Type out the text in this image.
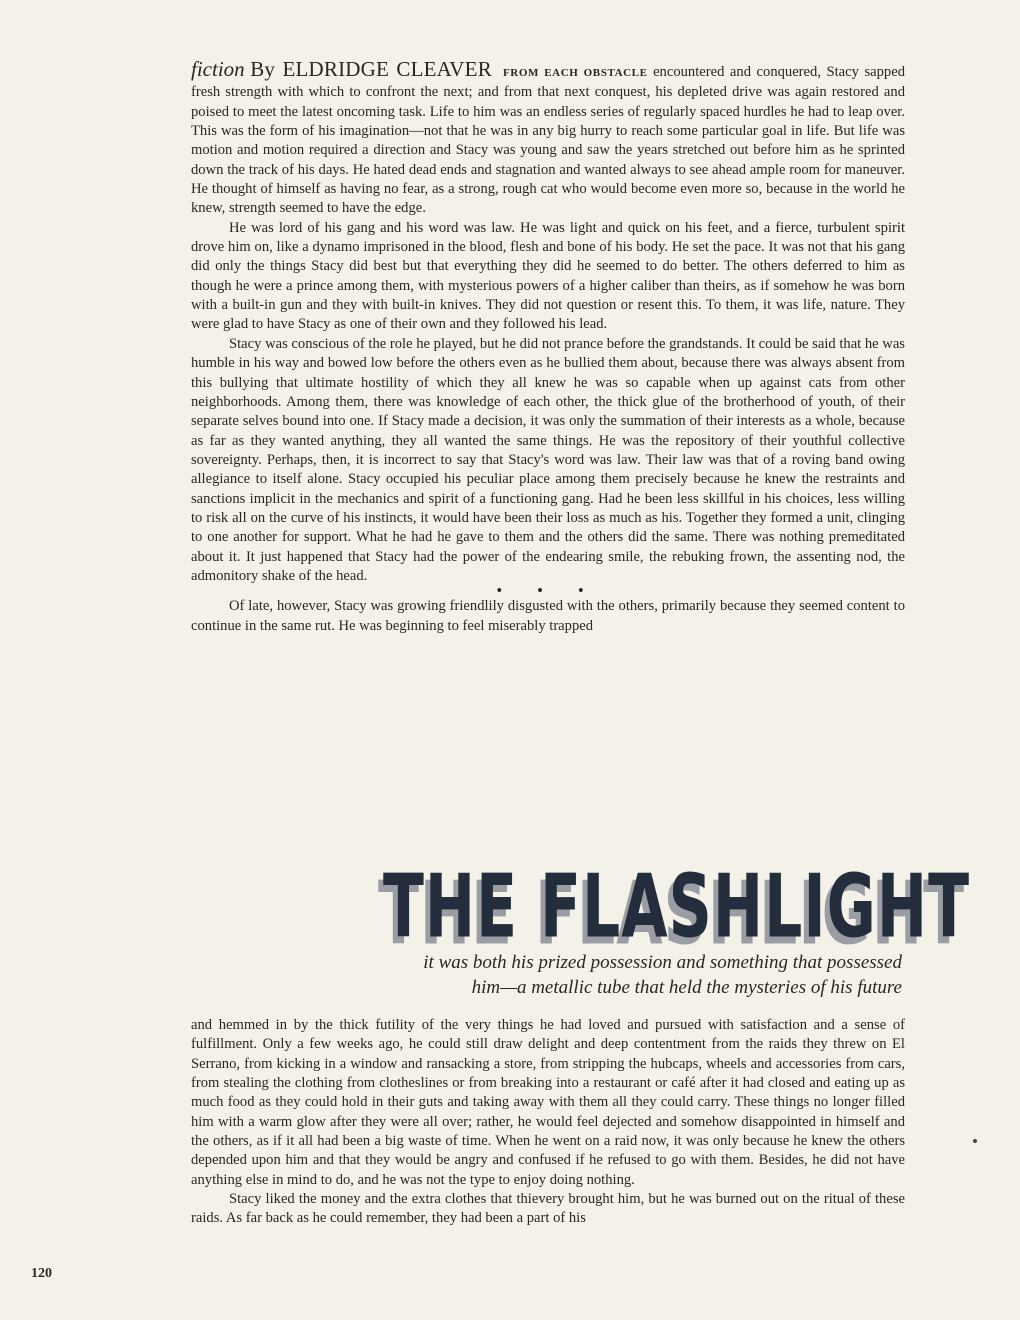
fiction By ELDRIDGE CLEAVER FROM EACH OBSTACLE encountered and conquered, Stacy sapped fresh strength with which to confront the next; and from that next conquest, his depleted drive was again restored and poised to meet the latest oncoming task. Life to him was an endless series of regularly spaced hurdles he had to leap over. This was the form of his imagination—not that he was in any big hurry to reach some particular goal in life. But life was motion and motion required a direction and Stacy was young and saw the years stretched out before him as he sprinted down the track of his days. He hated dead ends and stagnation and wanted always to see ahead ample room for maneuver. He thought of himself as having no fear, as a strong, rough cat who would become even more so, because in the world he knew, strength seemed to have the edge.

He was lord of his gang and his word was law. He was light and quick on his feet, and a fierce, turbulent spirit drove him on, like a dynamo imprisoned in the blood, flesh and bone of his body. He set the pace. It was not that his gang did only the things Stacy did best but that everything they did he seemed to do better. The others deferred to him as though he were a prince among them, with mysterious powers of a higher caliber than theirs, as if somehow he was born with a built-in gun and they with built-in knives. They did not question or resent this. To them, it was life, nature. They were glad to have Stacy as one of their own and they followed his lead.

Stacy was conscious of the role he played, but he did not prance before the grandstands. It could be said that he was humble in his way and bowed low before the others even as he bullied them about, because there was always absent from this bullying that ultimate hostility of which they all knew he was so capable when up against cats from other neighborhoods. Among them, there was knowledge of each other, the thick glue of the brotherhood of youth, of their separate selves bound into one. If Stacy made a decision, it was only the summation of their interests as a whole, because as far as they wanted anything, they all wanted the same things. He was the repository of their youthful collective sovereignty. Perhaps, then, it is incorrect to say that Stacy's word was law. Their law was that of a roving band owing allegiance to itself alone. Stacy occupied his peculiar place among them precisely because he knew the restraints and sanctions implicit in the mechanics and spirit of a functioning gang. Had he been less skillful in his choices, less willing to risk all on the curve of his instincts, it would have been their loss as much as his. Together they formed a unit, clinging to one another for support. What he had he gave to them and the others did the same. There was nothing premeditated about it. It just happened that Stacy had the power of the endearing smile, the rebuking frown, the assenting nod, the admonitory shake of the head.

• • •

Of late, however, Stacy was growing friendlily disgusted with the others, primarily because they seemed content to continue in the same rut. He was beginning to feel miserably trapped

THE FLASHLIGHT
it was both his prized possession and something that possessed
him—a metallic tube that held the mysteries of his future

and hemmed in by the thick futility of the very things he had loved and pursued with satisfaction and a sense of fulfillment. Only a few weeks ago, he could still draw delight and deep contentment from the raids they threw on El Serrano, from kicking in a window and ransacking a store, from stripping the hubcaps, wheels and accessories from cars, from stealing the clothing from clotheslines or from breaking into a restaurant or café after it had closed and eating up as much food as they could hold in their guts and taking away with them all they could carry. These things no longer filled him with a warm glow after they were all over; rather, he would feel dejected and somehow disappointed in himself and the others, as if it all had been a big waste of time. When he went on a raid now, it was only because he knew the others depended upon him and that they would be angry and confused if he refused to go with them. Besides, he did not have anything else in mind to do, and he was not the type to enjoy doing nothing.

Stacy liked the money and the extra clothes that thievery brought him, but he was burned out on the ritual of these raids. As far back as he could remember, they had been a part of his

120
